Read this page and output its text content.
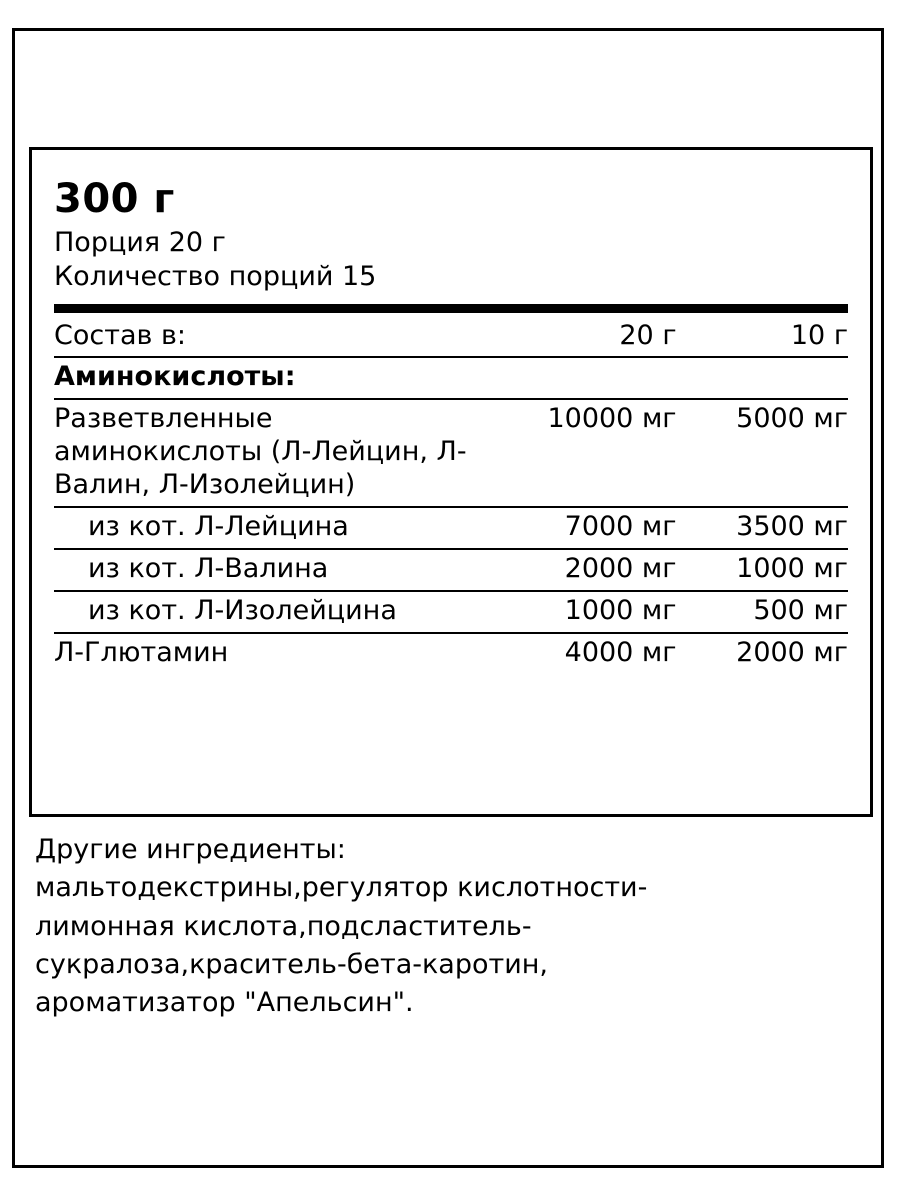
300 г
Порция 20 г
Количество порций 15
Состав в:	20 г	10 г
Аминокислоты:		
Разветвленные аминокислоты (Л-Лейцин, Л-Валин, Л-Изолейцин)	10000 мг	5000 мг
из кот. Л-Лейцина	7000 мг	3500 мг
из кот. Л-Валина	2000 мг	1000 мг
из кот. Л-Изолейцина	1000 мг	500 мг
Л-Глютамин	4000 мг	2000 мг

Другие ингредиенты:

мальтодекстрины,регулятор кислотности-

лимонная кислота,подсластитель-

сукралоза,краситель-бета-каротин,

ароматизатор "Апельсин".
